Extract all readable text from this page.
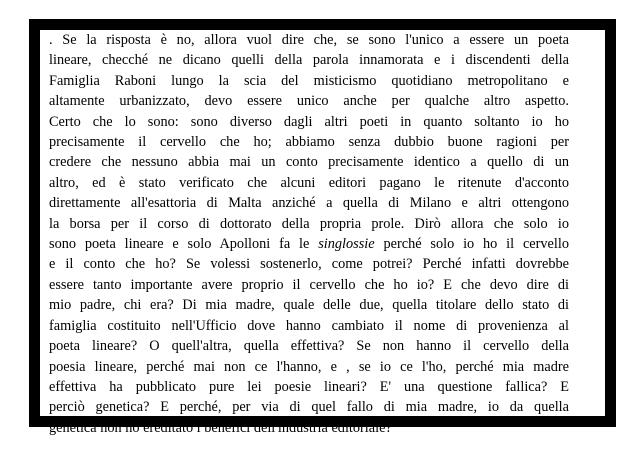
. Se la risposta è no, allora vuol dire che, se sono l'unico a essere un poeta
lineare, checché ne dicano quelli della parola innamorata e i discendenti della
Famiglia Raboni lungo la scia del misticismo quotidiano metropolitano e
altamente urbanizzato, devo essere unico anche per qualche altro aspetto.
Certo che lo sono: sono diverso dagli altri poeti in quanto soltanto io ho
precisamente il cervello che ho; abbiamo senza dubbio buone ragioni per
credere che nessuno abbia mai un conto precisamente identico a quello di un
altro, ed è stato verificato che alcuni editori pagano le ritenute d'acconto
direttamente all'esattoria di Malta anziché a quella di Milano e altri ottengono
la borsa per il corso di dottorato della propria prole. Dirò allora che solo io
sono poeta lineare e solo Apolloni fa le singlossie perché solo io ho il cervello
e il conto che ho? Se volessi sostenerlo, come potrei? Perché infatti dovrebbe
essere tanto importante avere proprio il cervello che ho io? E che devo dire di
mio padre, chi era? Di mia madre, quale delle due, quella titolare dello stato di
famiglia costituito nell'Ufficio dove hanno cambiato il nome di provenienza al
poeta lineare? O quell'altra, quella effettiva? Se non hanno il cervello della
poesia lineare, perché mai non ce l'hanno, e , se io ce l'ho, perché mia madre
effettiva ha pubblicato pure lei poesie lineari? E' una questione fallica? E
perciò genetica? E perché, per via di quel fallo di mia madre, io da quella
genetica non ho ereditato i benefici dell'industria editoriale?
